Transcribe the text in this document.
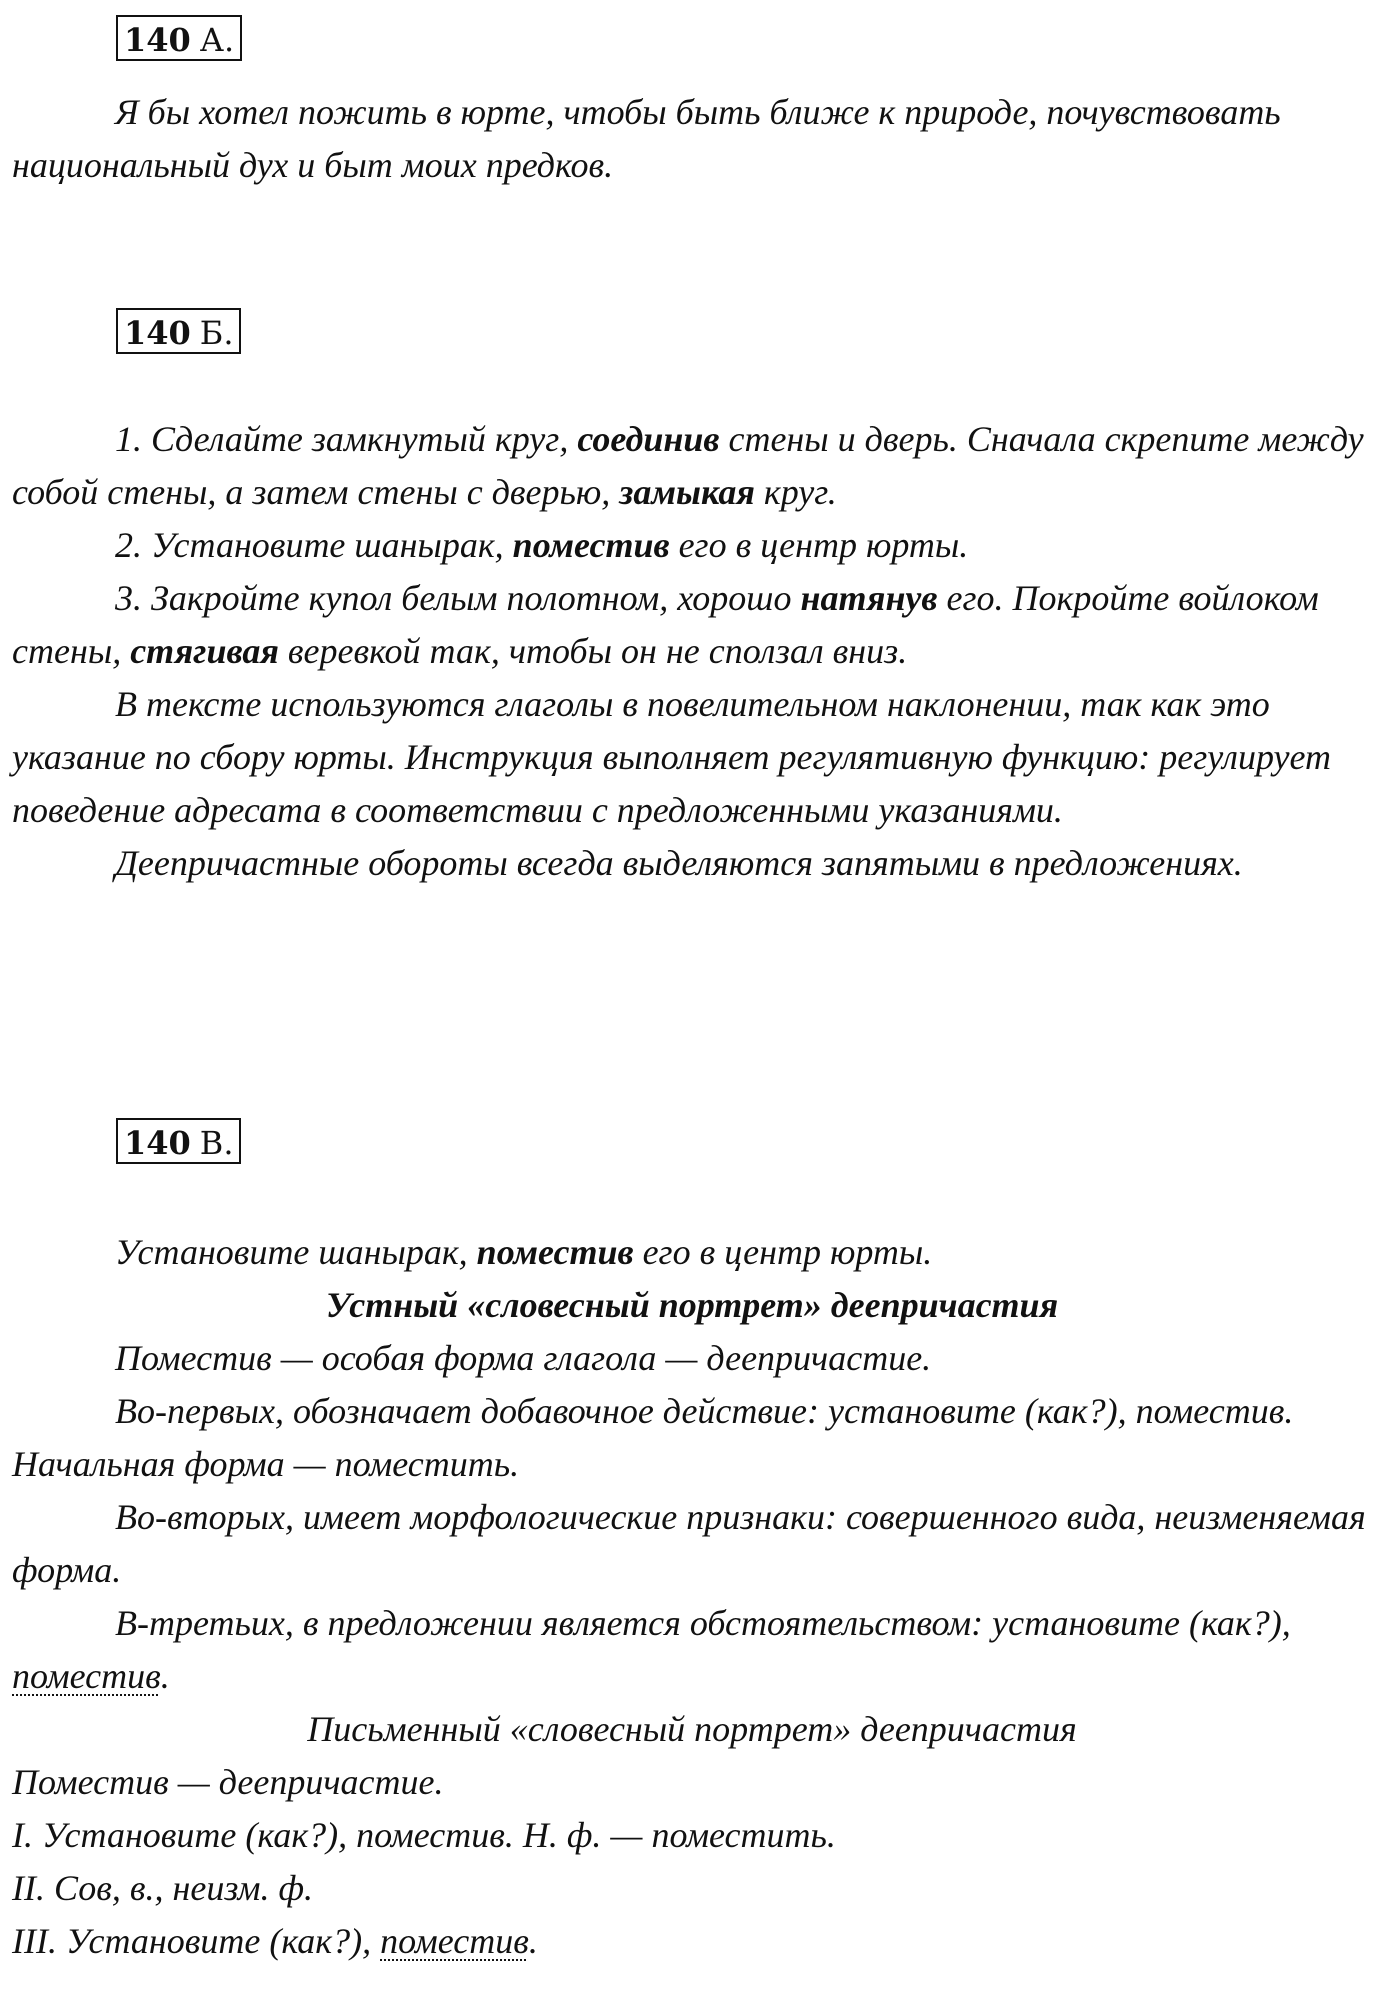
140 А.

Я бы хотел пожить в юрте, чтобы быть ближе к природе, почувствовать национальный дух и быт моих предков.

140 Б.

1. Сделайте замкнутый круг, соединив стены и дверь. Сначала скрепите между собой стены, а затем стены с дверью, замыкая круг.

2. Установите шанырак, поместив его в центр юрты.

3. Закройте купол белым полотном, хорошо натянув его. Покройте войлоком стены, стягивая веревкой так, чтобы он не сползал вниз.

В тексте используются глаголы в повелительном наклонении, так как это указание по сбору юрты. Инструкция выполняет регулятивную функцию: регулирует поведение адресата в соответствии с предложенными указаниями.

Деепричастные обороты всегда выделяются запятыми в предложениях.

140 В.

Установите шанырак, поместив его в центр юрты.

Устный «словесный портрет» деепричастия

Поместив — особая форма глагола — деепричастие.

Во-первых, обозначает добавочное действие: установите (как?), поместив. Начальная форма — поместить.

Во-вторых, имеет морфологические признаки: совершенного вида, неизменяемая форма.

В-третьих, в предложении является обстоятельством: установите (как?), поместив.

Письменный «словесный портрет» деепричастия

Поместив — деепричастие.

I. Установите (как?), поместив. Н. ф. — поместить.

II. Сов, в., неизм. ф.

III. Установите (как?), поместив.
